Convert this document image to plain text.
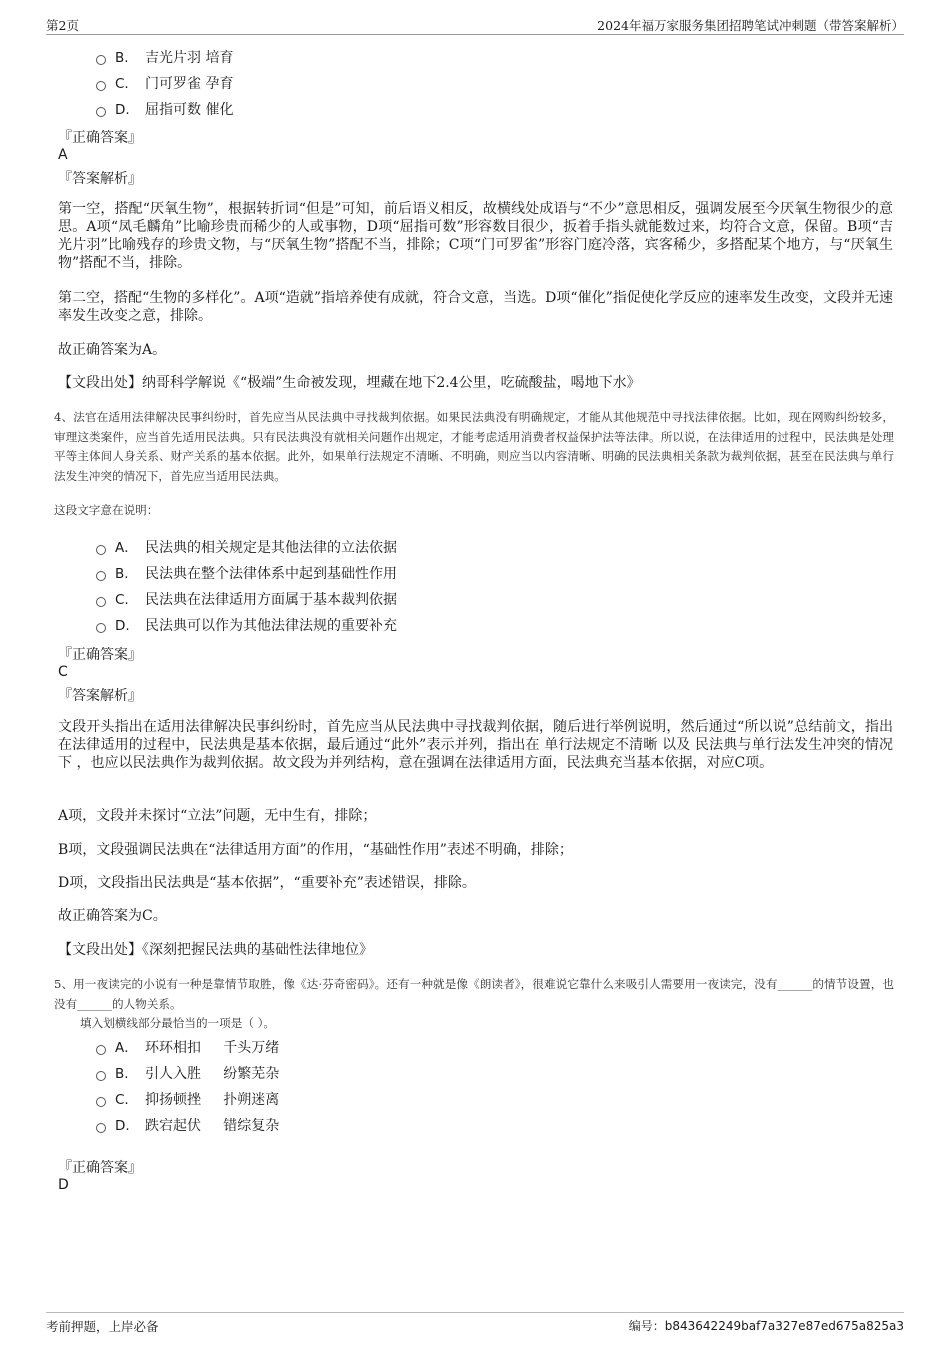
第2页	2024年福万家服务集团招聘笔试冲刺题（带答案解析）
B. 吉光片羽 培育
C. 门可罗雀 孕育
D. 屈指可数 催化
『正确答案』
A
『答案解析』
第一空，搭配“厌氧生物”，根据转折词“但是”可知，前后语义相反，故横线处成语与“不少”意思相反，强调发展至今厌氧生物很少的意思。A项“凤毛麟角”比喻珍贵而稀少的人或事物，D项“屈指可数”形容数目很少，扳着手指头就能数过来，均符合文意，保留。B项“吉光片羽”比喻残存的珍贵文物，与“厌氧生物”搭配不当，排除；C项“门可罗雀”形容门庭冷落，宾客稀少，多搭配某个地方，与“厌氧生物”搭配不当，排除。
第二空，搭配“生物的多样化”。A项“造就”指培养使有成就，符合文意，当选。D项“催化”指促使化学反应的速率发生改变，文段并无速率发生改变之意，排除。
故正确答案为A。
【文段出处】纳哥科学解说《“极端”生命被发现，埋藏在地下2.4公里，吃硫酸盐，喝地下水》
4、法官在适用法律解决民事纠纷时，首先应当从民法典中寻找裁判依据。如果民法典没有明确规定，才能从其他规范中寻找法律依据。比如，现在网购纠纷较多，审理这类案件，应当首先适用民法典。只有民法典没有就相关问题作出规定，才能考虑适用消费者权益保护法等法律。所以说，在法律适用的过程中，民法典是处理平等主体间人身关系、财产关系的基本依据。此外，如果单行法规定不清晰、不明确，则应当以内容清晰、明确的民法典相关条款为裁判依据，甚至在民法典与单行法发生冲突的情况下，首先应当适用民法典。
这段文字意在说明：
A． 民法典的相关规定是其他法律的立法依据
B. 民法典在整个法律体系中起到基础性作用
C. 民法典在法律适用方面属于基本裁判依据
D. 民法典可以作为其他法律法规的重要补充
『正确答案』
C
『答案解析』
文段开头指出在适用法律解决民事纠纷时，首先应当从民法典中寻找裁判依据，随后进行举例说明，然后通过“所以说”总结前文，指出在法律适用的过程中，民法典是基本依据，最后通过“此外”表示并列，指出在 单行法规定不清晰 以及 民法典与单行法发生冲突的情况下 ，也应以民法典作为裁判依据。故文段为并列结构，意在强调在法律适用方面，民法典充当基本依据，对应C项。
A项，文段并未探讨“立法”问题，无中生有，排除；
B项，文段强调民法典在“法律适用方面”的作用，“基础性作用”表述不明确，排除；
D项，文段指出民法典是“基本依据”，“重要补充”表述错误，排除。
故正确答案为C。
【文段出处】《深刻把握民法典的基础性法律地位》
5、用一夜读完的小说有一种是靠情节取胜，像《达·芬奇密码》。还有一种就是像《朗读者》，很难说它靠什么来吸引人需要用一夜读完，没有______的情节设置，也没有______的人物关系。
填入划横线部分最恰当的一项是（ ）。
A． 环环相扣     千头万绪
B. 引人入胜     纷繁芜杂
C. 抑扬顿挫     扑朔迷离
D. 跌宕起伏     错综复杂
『正确答案』
D
考前押题，上岸必备	编号：b843642249baf7a327e87ed675a825a3
